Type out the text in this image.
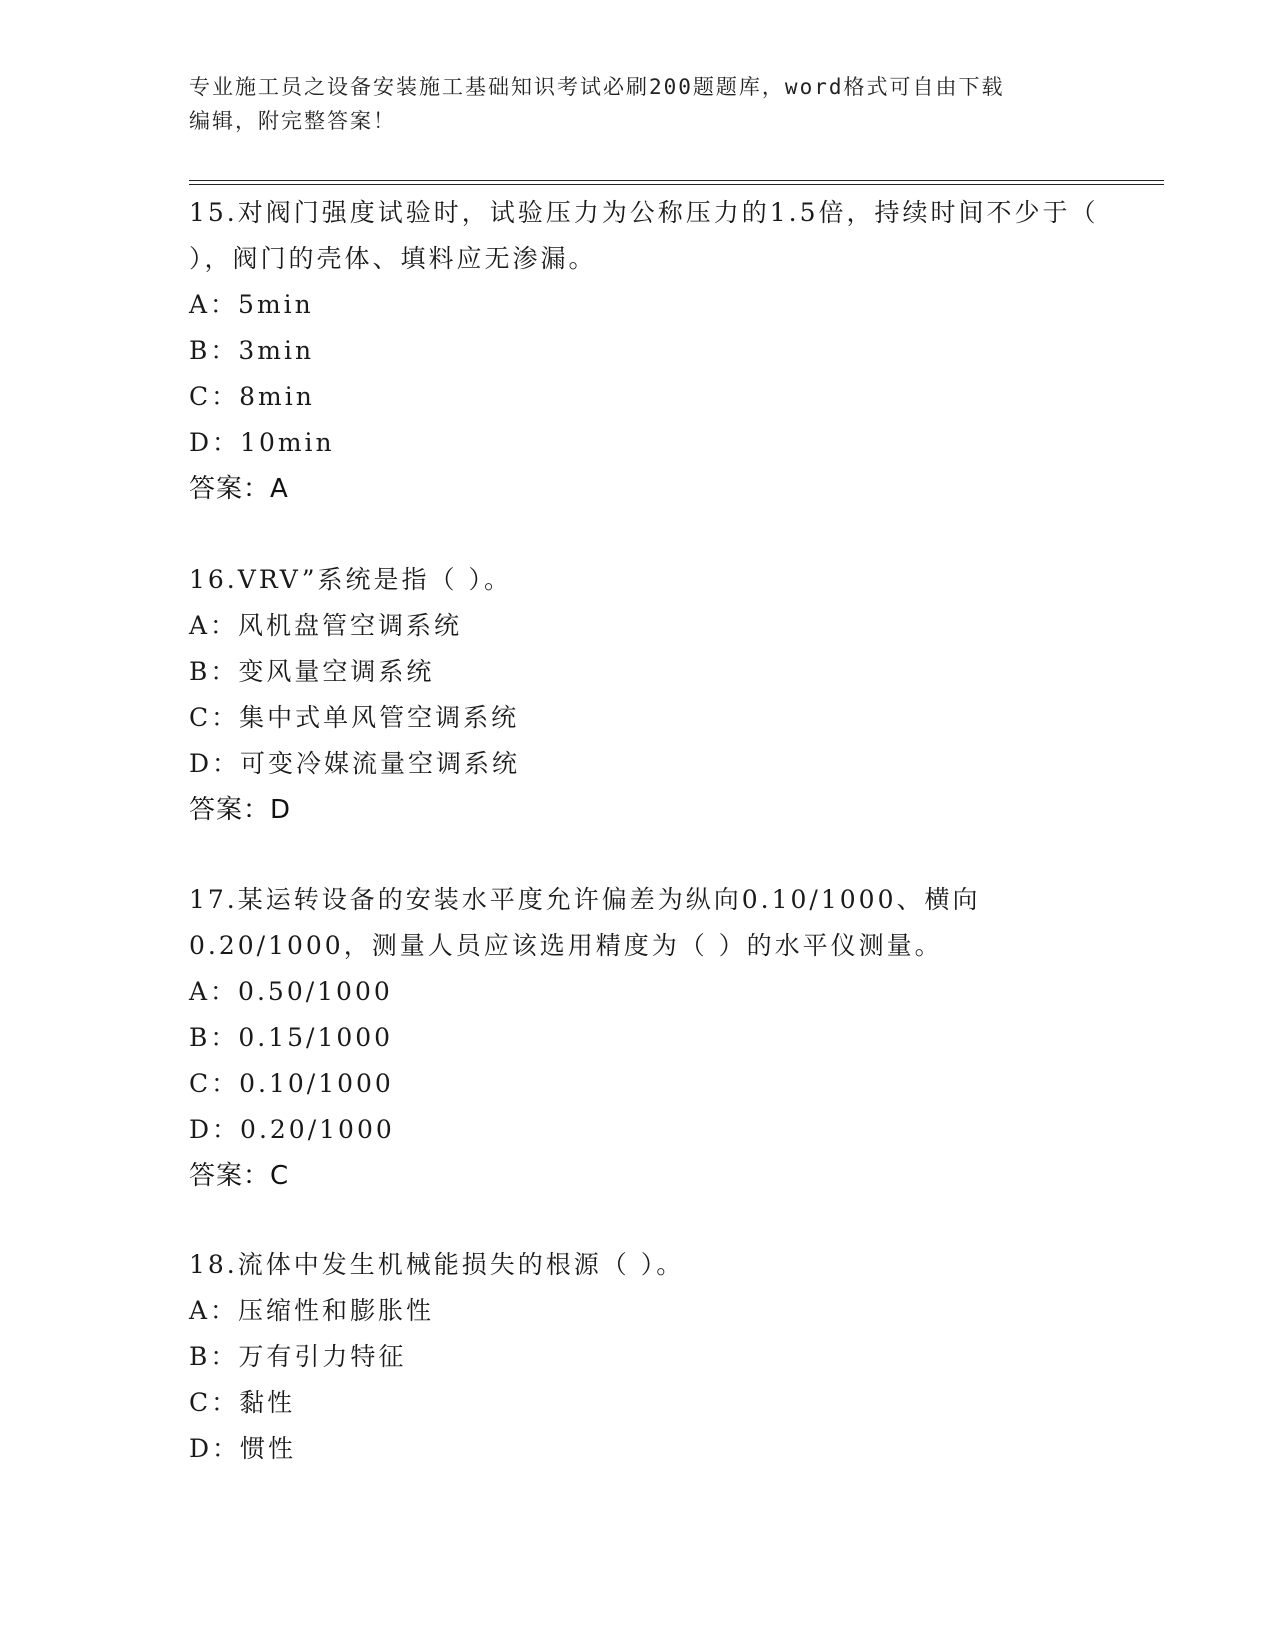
专业施工员之设备安装施工基础知识考试必刷200题题库，word格式可自由下载
编辑，附完整答案！

15.对阀门强度试验时，试验压力为公称压力的1.5倍，持续时间不少于（ ），阀门的壳体、填料应无渗漏。

A：5min
B：3min
C：8min
D：10min
答案：A

16.VRV”系统是指（ ）。

A：风机盘管空调系统
B：变风量空调系统
C：集中式单风管空调系统
D：可变冷媒流量空调系统
答案：D

17.某运转设备的安装水平度允许偏差为纵向0.10/1000、横向0.20/1000，测量人员应该选用精度为（ ）的水平仪测量。

A：0.50/1000
B：0.15/1000
C：0.10/1000
D：0.20/1000
答案：C

18.流体中发生机械能损失的根源（ ）。

A：压缩性和膨胀性
B：万有引力特征
C：黏性
D：惯性
